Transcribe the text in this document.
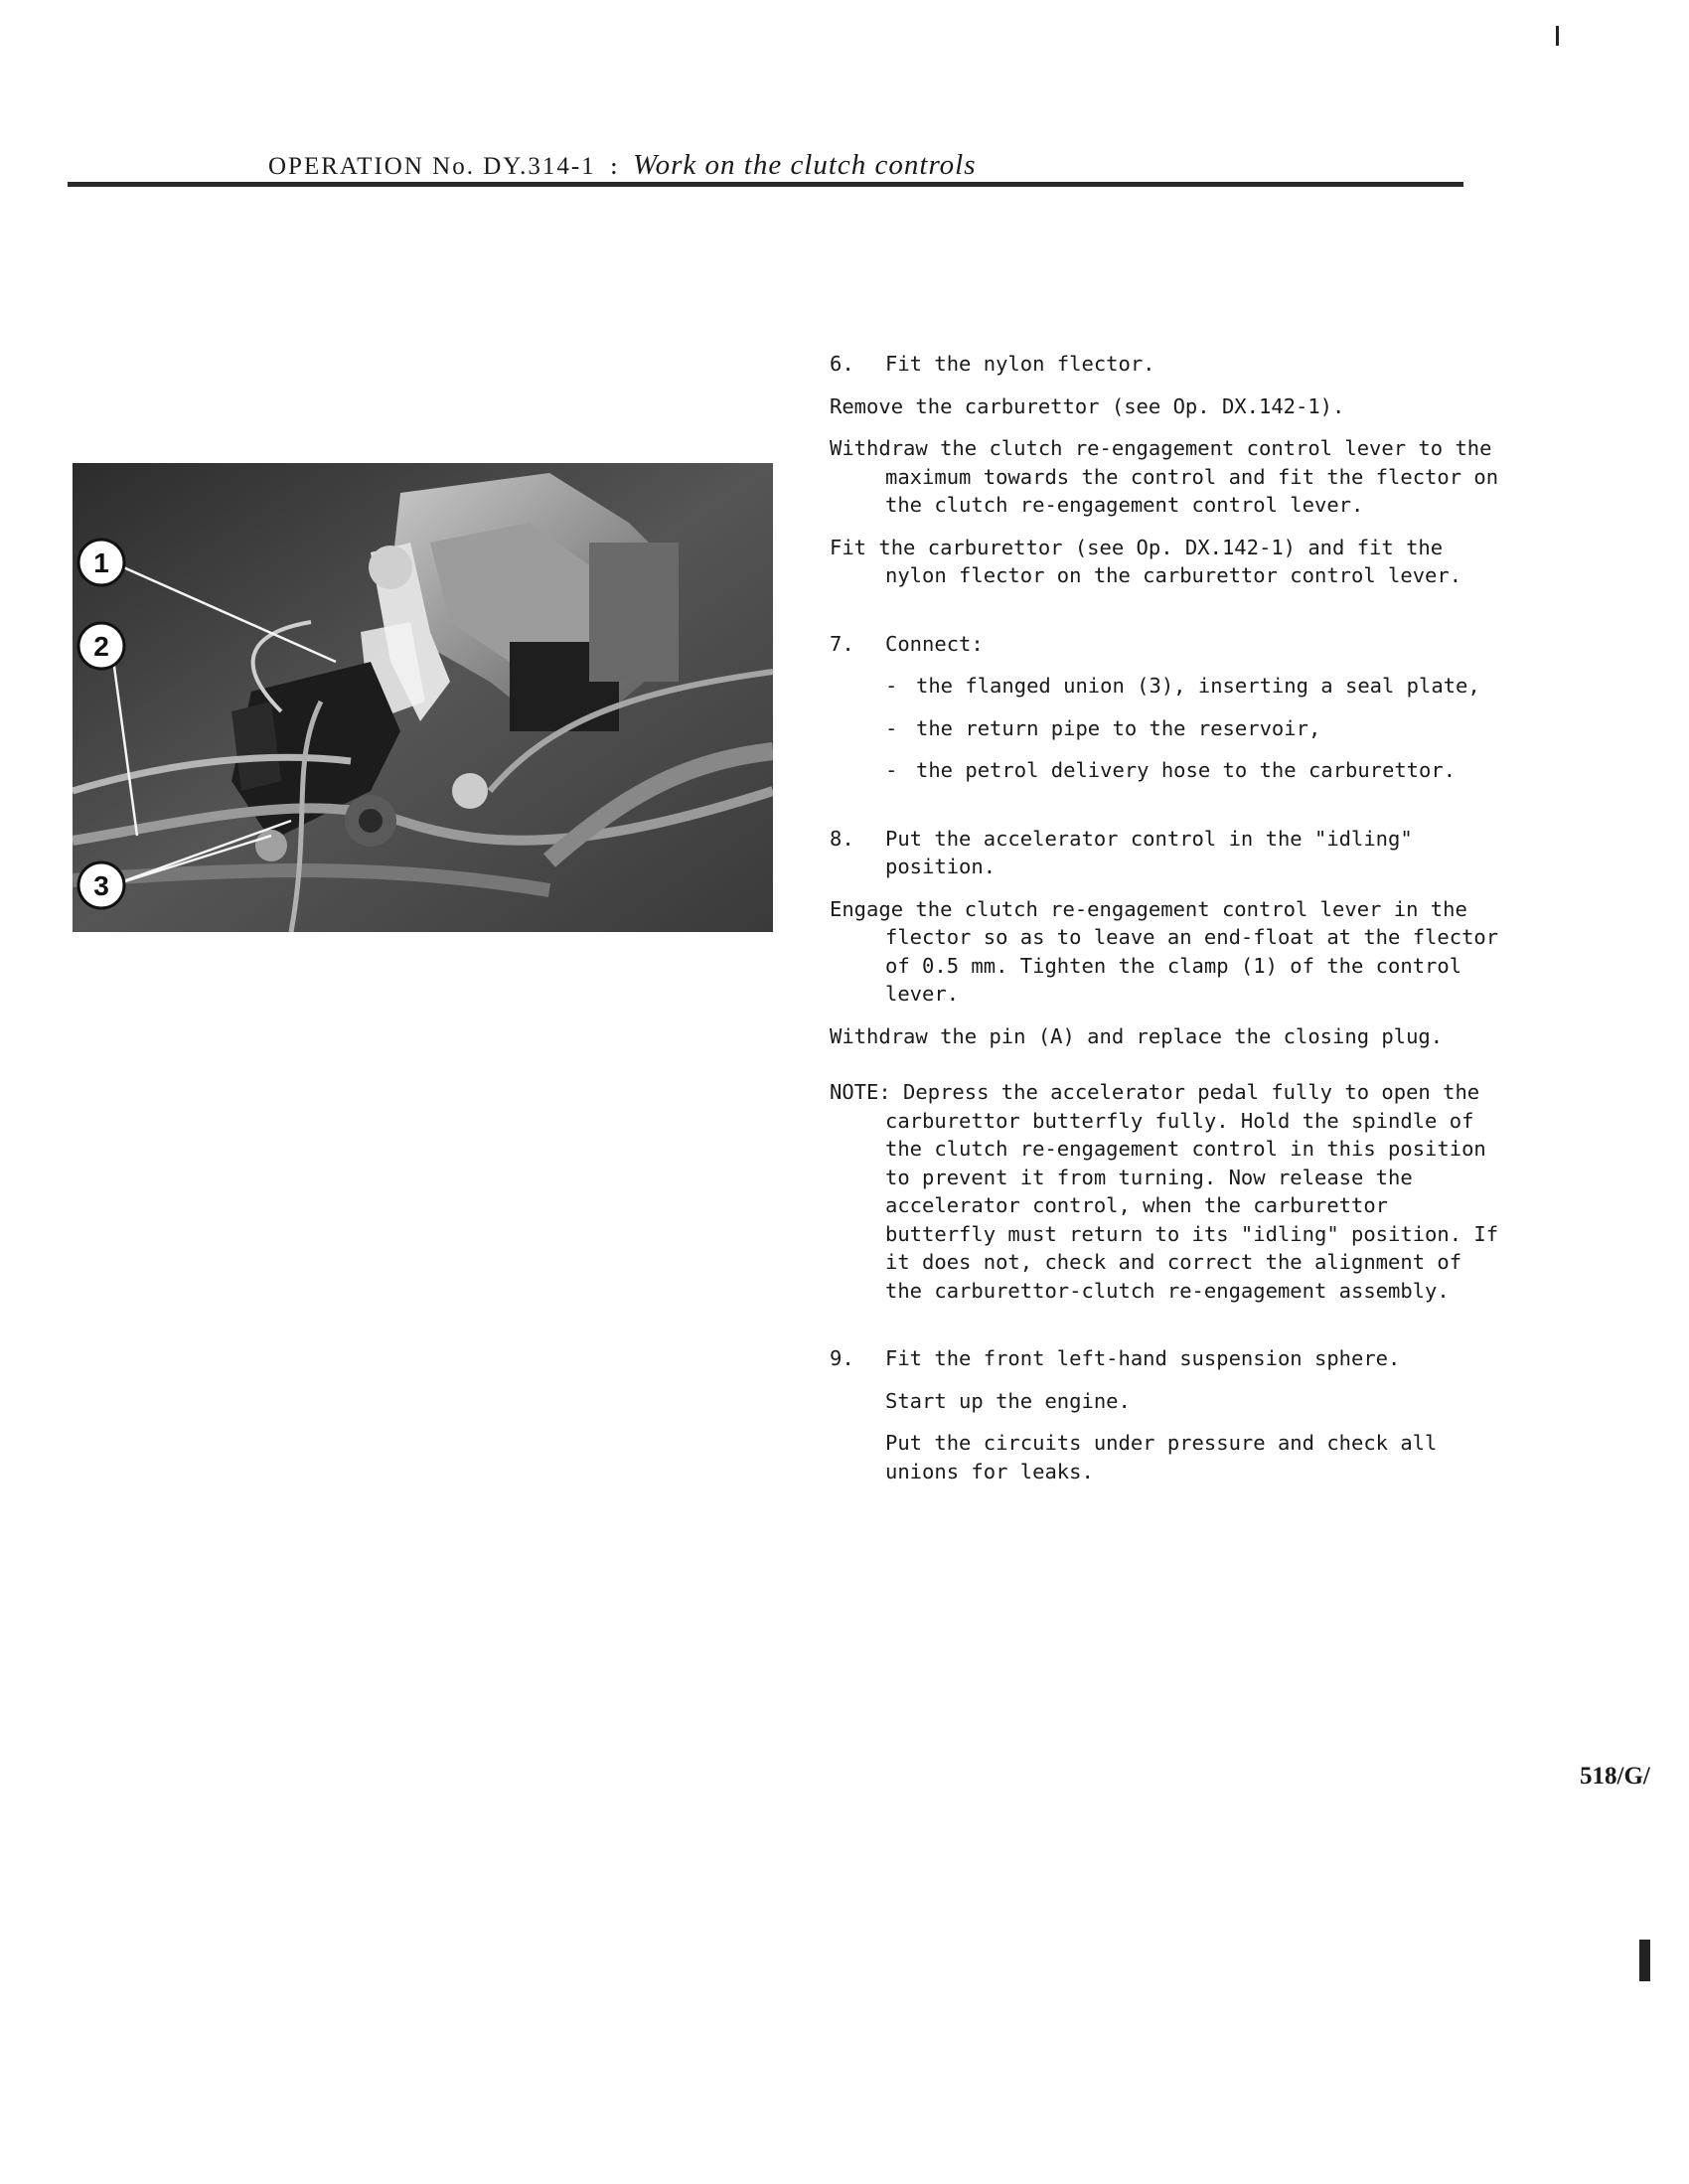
OPERATION No. DY.314-1 : Work on the clutch controls
1
2
3
6.	Fit the nylon flector.

Remove the carburettor (see Op. DX.142-1).

Withdraw the clutch re-engagement control lever to the maximum towards the control and fit the flector on the clutch re-engagement control lever.

Fit the carburettor (see Op. DX.142-1) and fit the nylon flector on the carburettor control lever.

7.	Connect:
- the flanged union (3), inserting a seal plate,
- the return pipe to the reservoir,
- the petrol delivery hose to the carburettor.
8.	Put the accelerator control in the "idling" position.

Engage the clutch re-engagement control lever in the flector so as to leave an end-float at the flector of 0.5 mm. Tighten the clamp (1) of the control lever.

Withdraw the pin (A) and replace the closing plug.

NOTE: Depress the accelerator pedal fully to open the carburettor butterfly fully. Hold the spindle of the clutch re-engagement control in this position to prevent it from turning. Now release the accelerator control, when the carburettor butterfly must return to its "idling" position. If it does not, check and correct the alignment of the carburettor-clutch re-engagement assembly.

9.	Fit the front left-hand suspension sphere.

Start up the engine.

Put the circuits under pressure and check all unions for leaks.

518/G/
